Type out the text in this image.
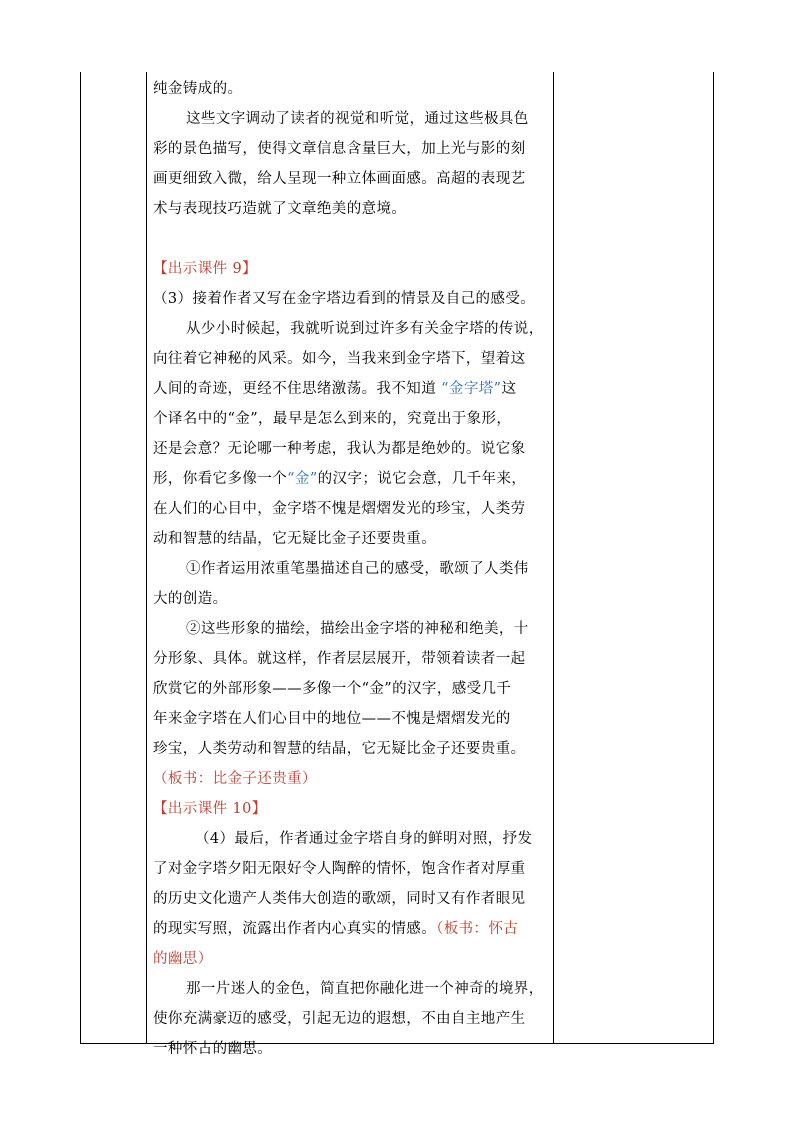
纯金铸成的。
这些文字调动了读者的视觉和听觉，通过这些极具色
彩的景色描写，使得文章信息含量巨大，加上光与影的刻
画更细致入微，给人呈现一种立体画面感。高超的表现艺
术与表现技巧造就了文章绝美的意境。
【出示课件 9】
（3）接着作者又写在金字塔边看到的情景及自己的感受。
从少小时候起，我就听说到过许多有关金字塔的传说，
向往着它神秘的风采。如今，当我来到金字塔下，望着这
人间的奇迹，更经不住思绪激荡。我不知道 “金字塔”这
个译名中的“金”，最早是怎么到来的，究竟出于象形，
还是会意？无论哪一种考虑，我认为都是绝妙的。说它象
形，你看它多像一个“金”的汉字；说它会意，几千年来，
在人们的心目中，金字塔不愧是熠熠发光的珍宝，人类劳
动和智慧的结晶，它无疑比金子还要贵重。
①作者运用浓重笔墨描述自己的感受，歌颂了人类伟
大的创造。
②这些形象的描绘，描绘出金字塔的神秘和绝美，十
分形象、具体。就这样，作者层层展开，带领着读者一起
欣赏它的外部形象——多像一个“金”的汉字，感受几千
年来金字塔在人们心目中的地位——不愧是熠熠发光的
珍宝，人类劳动和智慧的结晶，它无疑比金子还要贵重。
（板书：比金子还贵重）
【出示课件 10】
（4）最后，作者通过金字塔自身的鲜明对照，抒发
了对金字塔夕阳无限好令人陶醉的情怀，饱含作者对厚重
的历史文化遗产人类伟大创造的歌颂，同时又有作者眼见
的现实写照，流露出作者内心真实的情感。（板书：怀古
的幽思）
那一片迷人的金色，简直把你融化进一个神奇的境界，
使你充满豪迈的感受，引起无边的遐想，不由自主地产生
一种怀古的幽思。
